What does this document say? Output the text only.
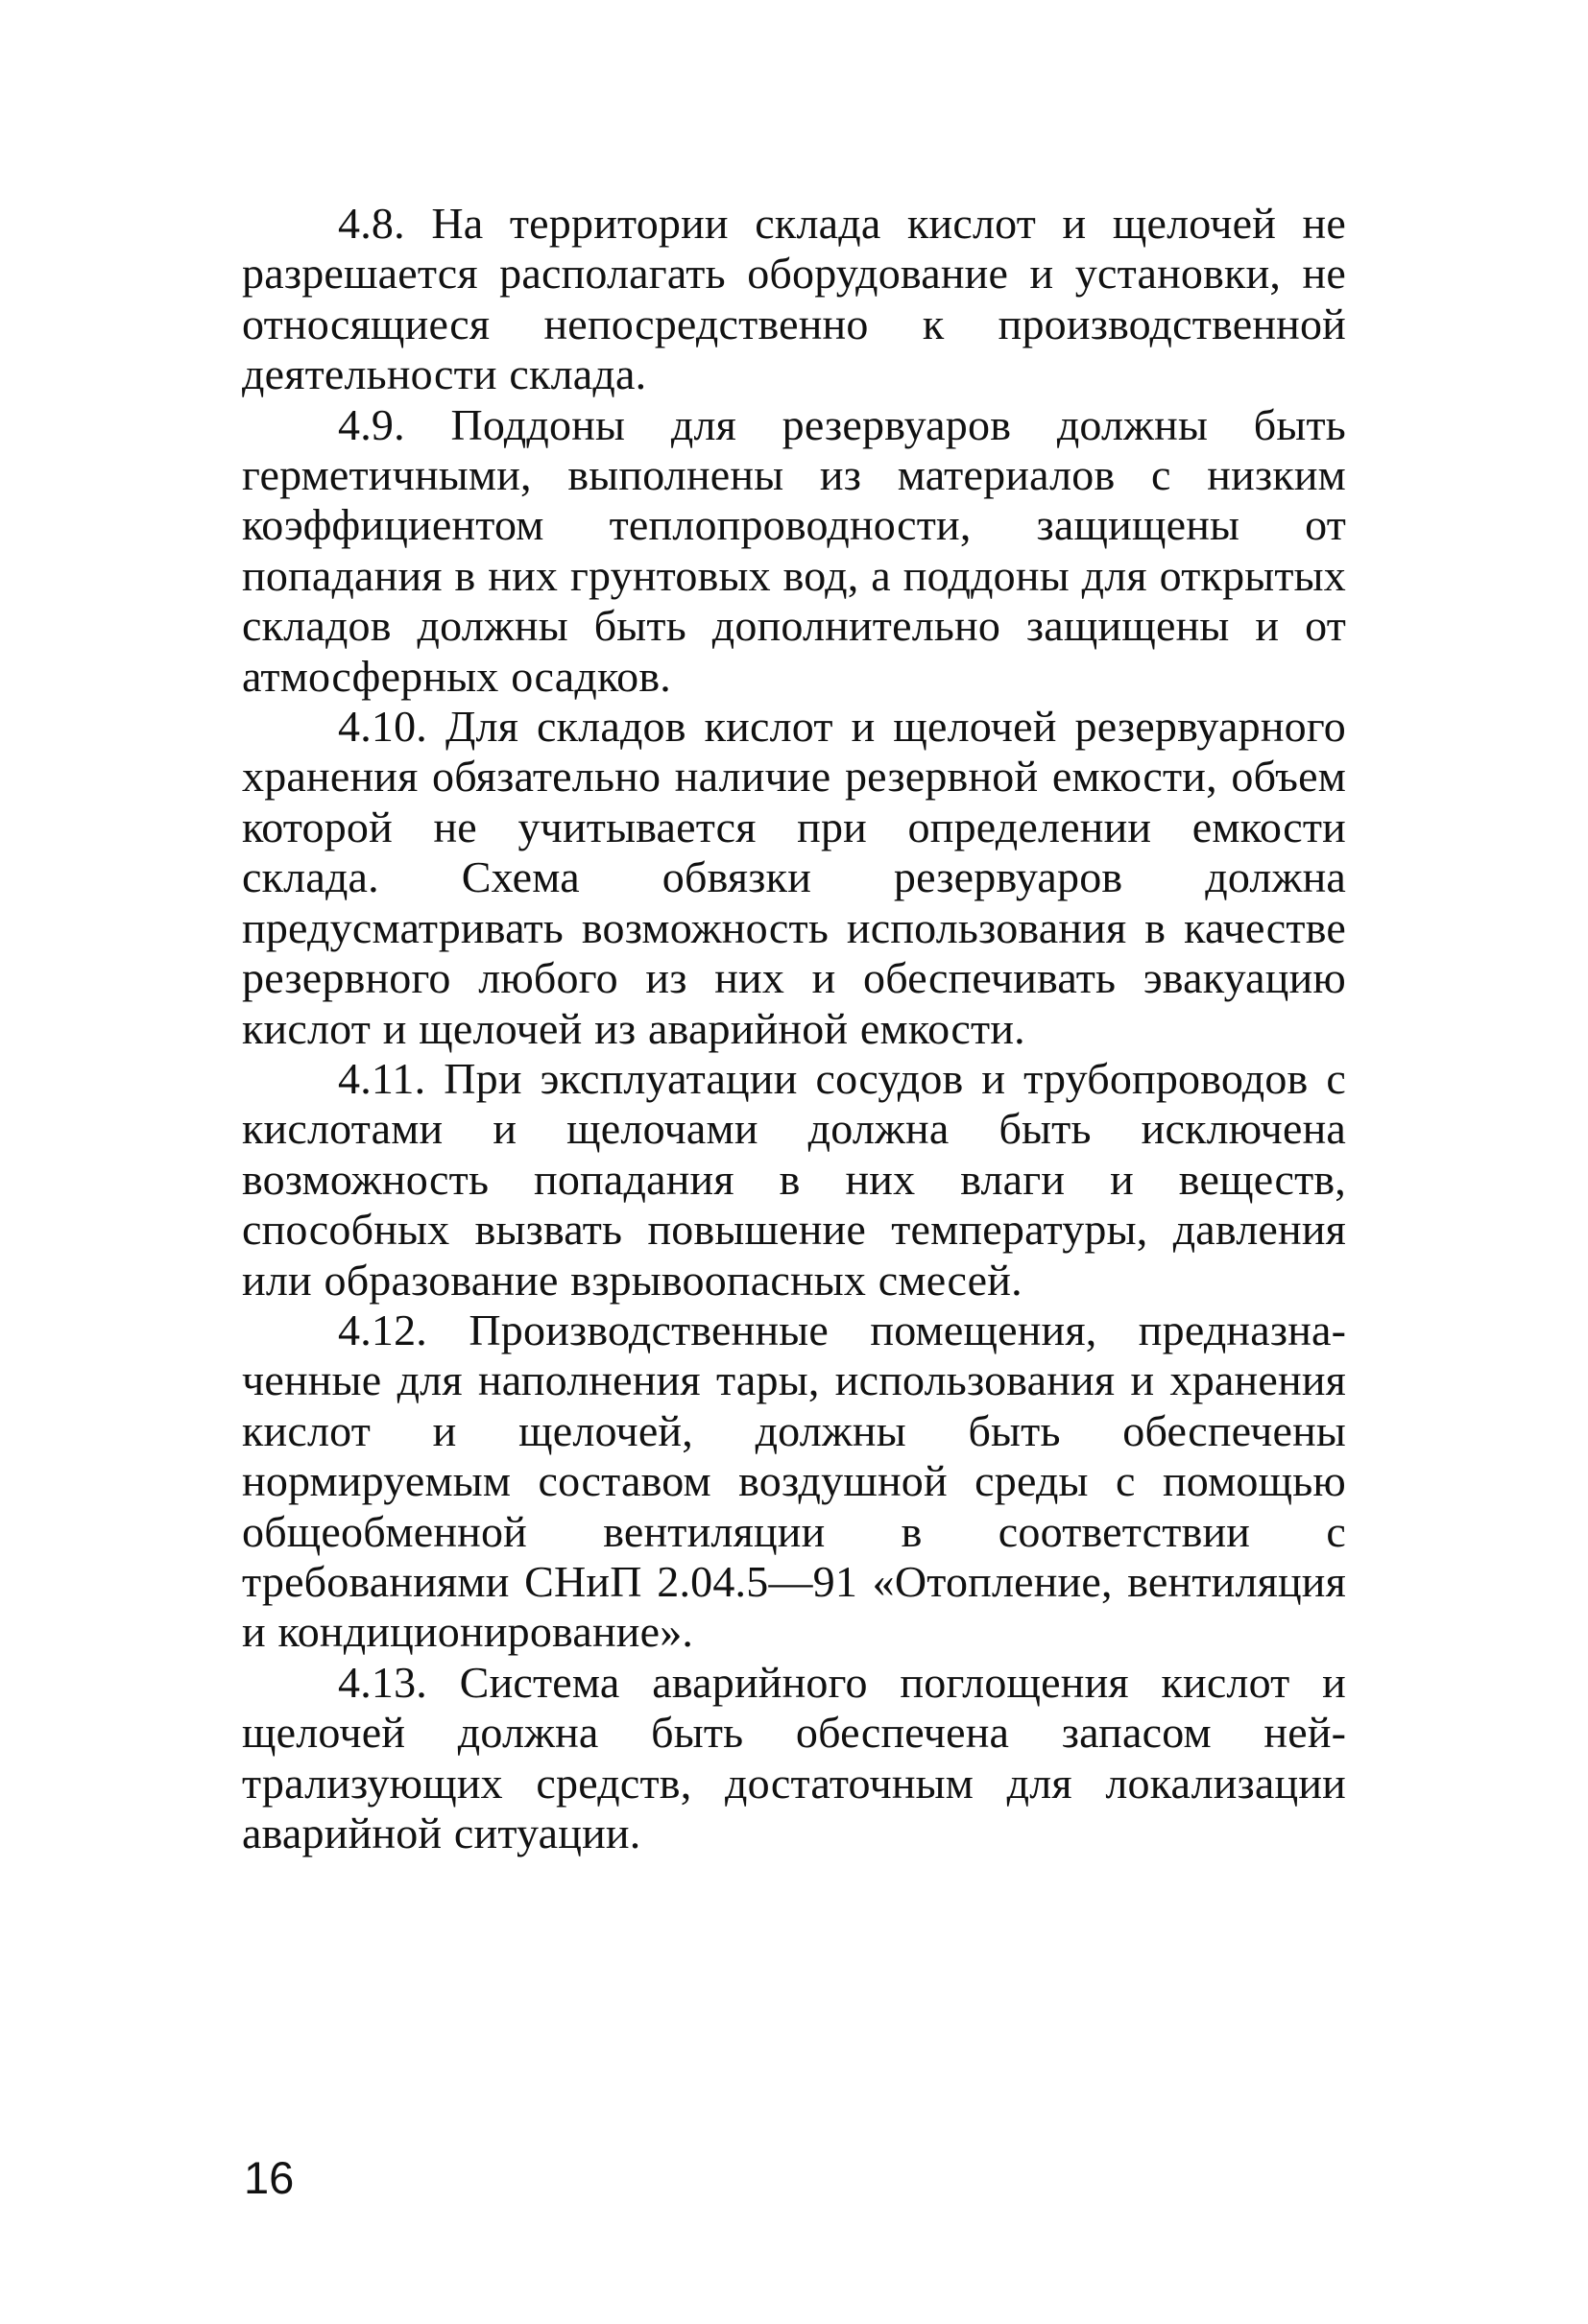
4.8. На территории склада кислот и щелочей не разрешается располагать оборудование и установки, не относящиеся непосредственно к производственной деятельности склада.

4.9. Поддоны для резервуаров должны быть герметичными, выполнены из материалов с низким коэффициентом теплопроводности, защищены от попадания в них грунтовых вод, а поддоны для открытых складов должны быть дополнительно защищены и от атмосферных осадков.

4.10. Для складов кислот и щелочей резервуарного хранения обязательно наличие резервной емкости, объем которой не учитывается при определении емкости склада. Схема обвязки резервуаров должна предусматривать возможность использования в качестве резервного любого из них и обеспечивать эвакуацию кислот и щелочей из аварийной емкости.

4.11. При эксплуатации сосудов и трубопроводов с кислотами и щелочами должна быть исключена возможность попадания в них влаги и веществ, способных вызвать повышение температуры, давления или образование взрывоопасных смесей.

4.12. Производственные помещения, предназначенные для наполнения тары, использования и хранения кислот и щелочей, должны быть обеспечены нормируемым составом воздушной среды с помощью общеобменной вентиляции в соответствии с требованиями СНиП 2.04.5—91 «Отопление, вентиляция и кондиционирование».

4.13. Система аварийного поглощения кислот и щелочей должна быть обеспечена запасом нейтрализующих средств, достаточным для локализации аварийной ситуации.

16
